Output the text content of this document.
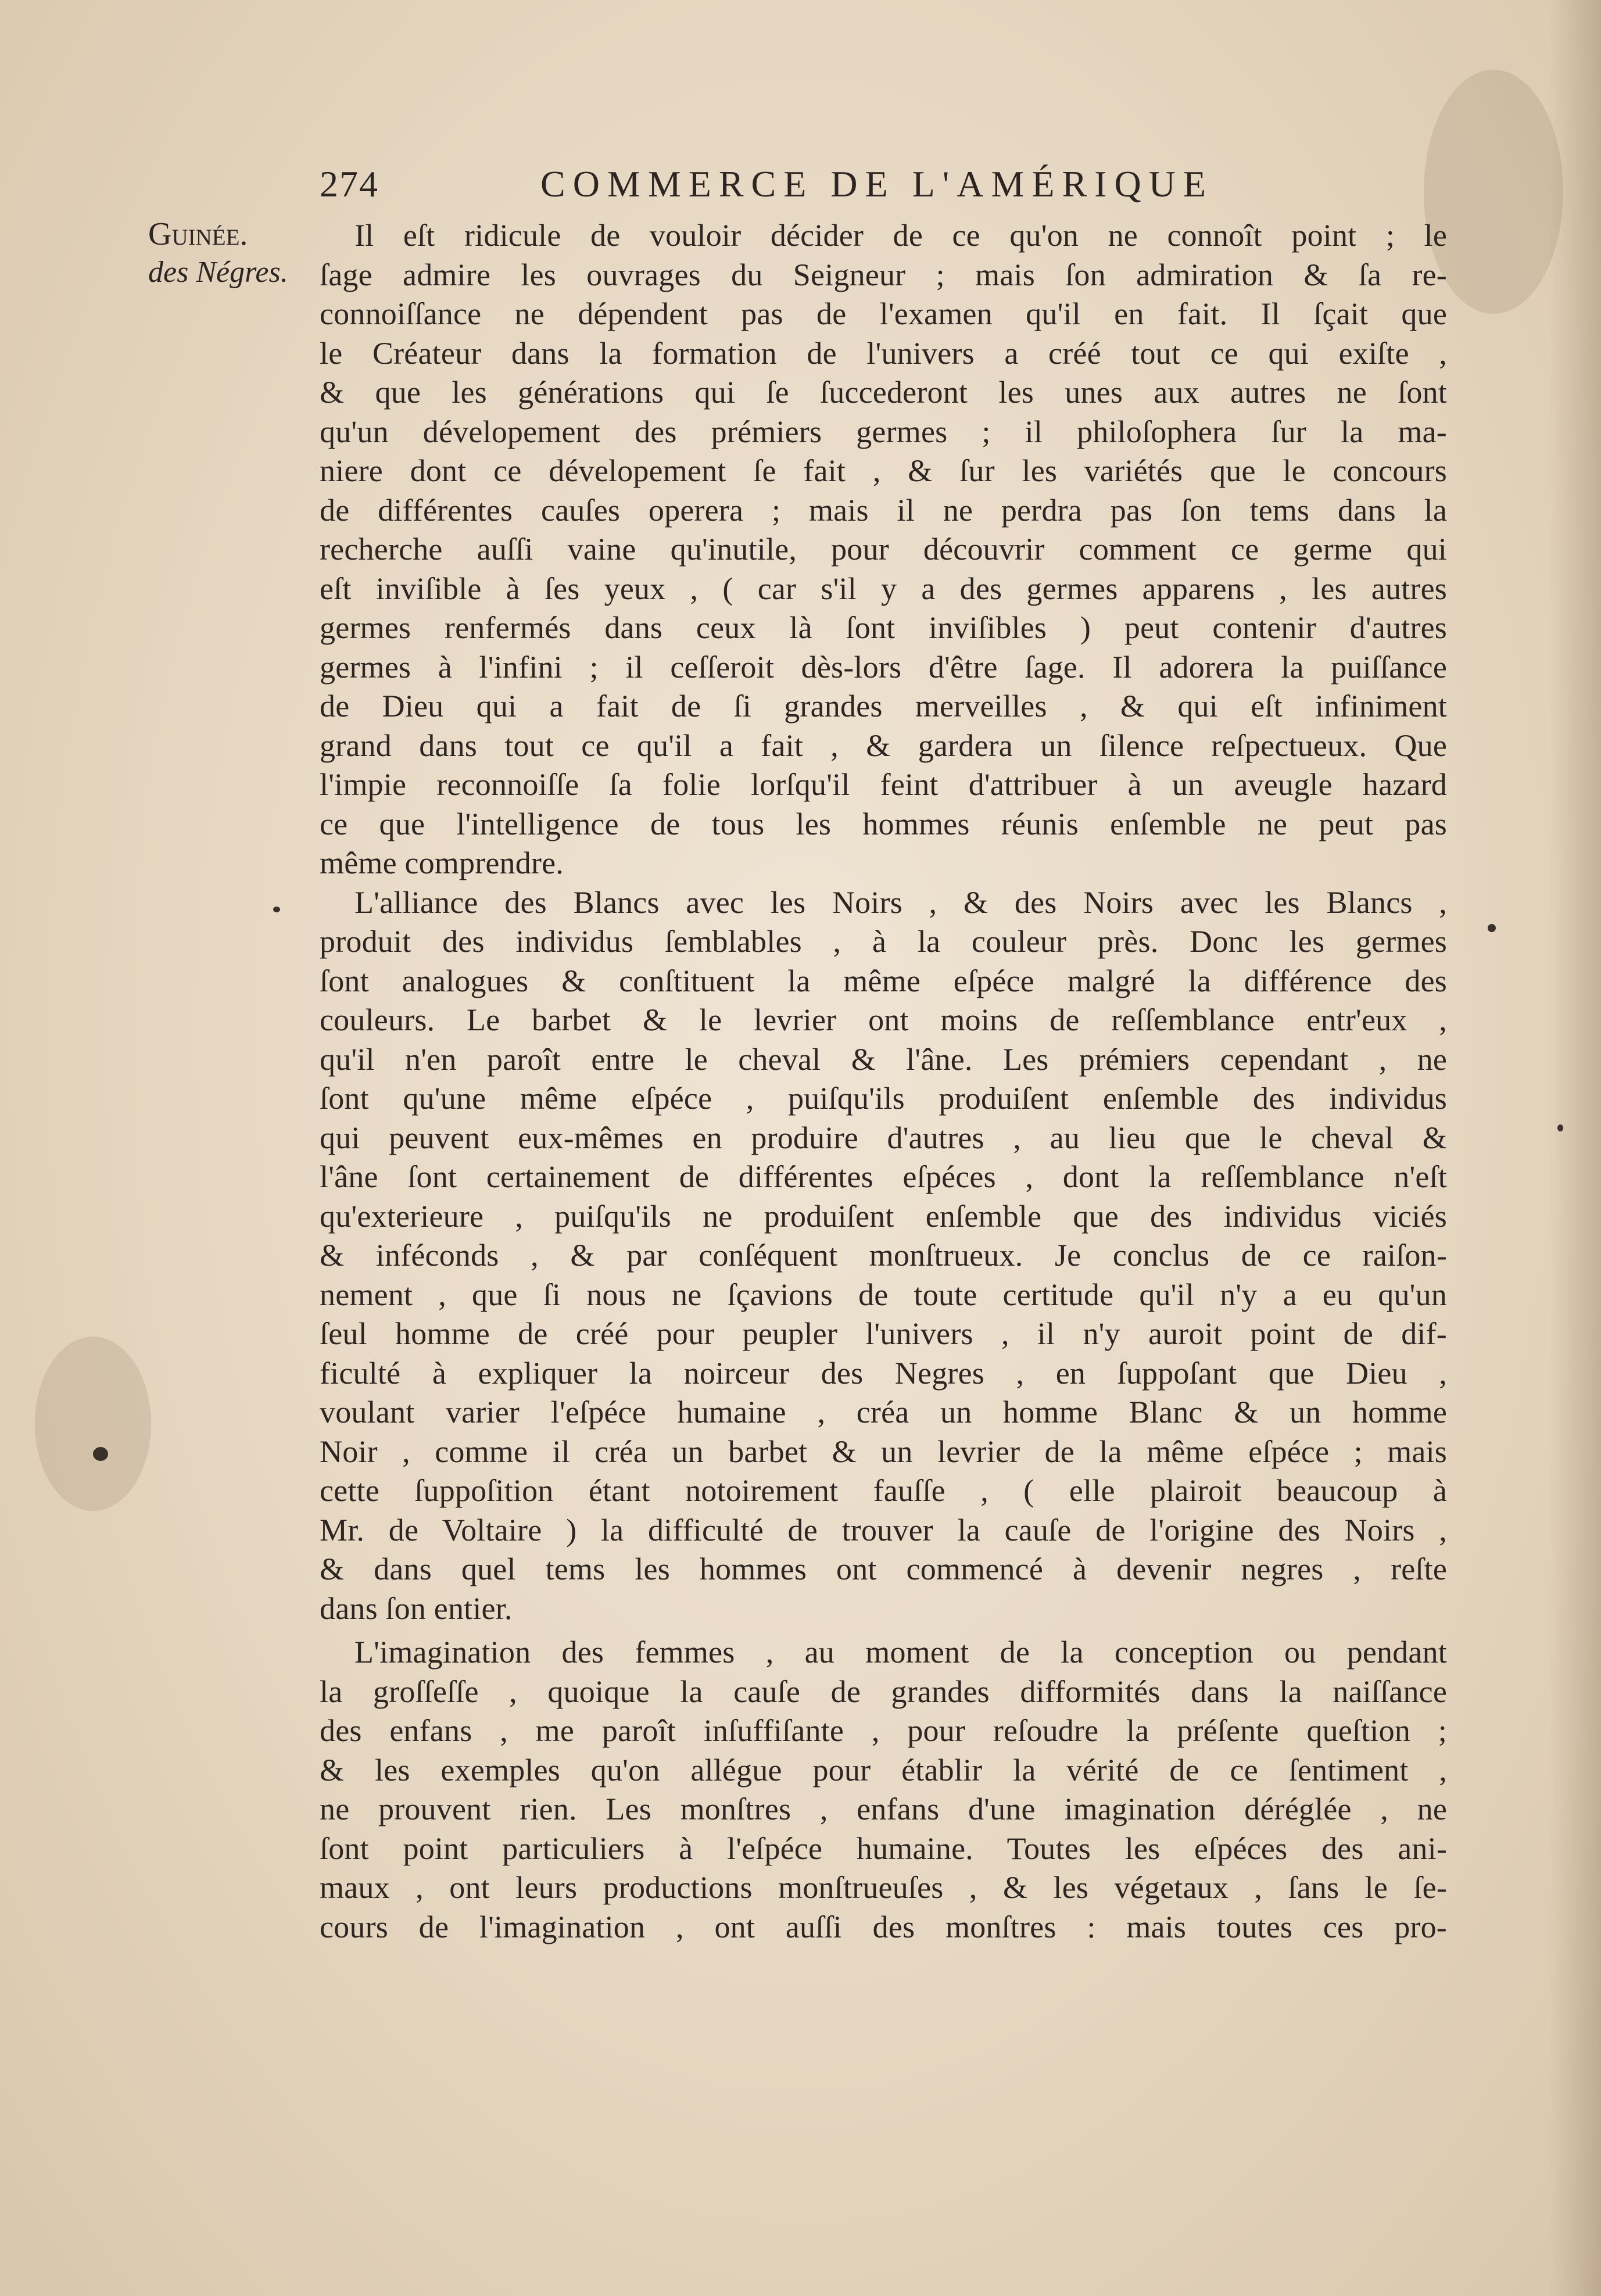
274	COMMERCE DE L'AMÉRIQUE
Guinée.
des Négres.
Il eſt ridicule de vouloir décider de ce qu'on ne connoît point ; le
ſage admire les ouvrages du Seigneur ; mais ſon admiration & ſa re-
connoiſſance ne dépendent pas de l'examen qu'il en fait. Il ſçait que
le Créateur dans la formation de l'univers a créé tout ce qui exiſte ,
& que les générations qui ſe ſuccederont les unes aux autres ne ſont
qu'un dévelopement des prémiers germes ; il philoſophera ſur la ma-
niere dont ce dévelopement ſe fait , & ſur les variétés que le concours
de différentes cauſes operera ; mais il ne perdra pas ſon tems dans la
recherche auſſi vaine qu'inutile, pour découvrir comment ce germe qui
eſt inviſible à ſes yeux , ( car s'il y a des germes apparens , les autres
germes renfermés dans ceux là ſont inviſibles ) peut contenir d'autres
germes à l'infini ; il ceſſeroit dès-lors d'être ſage. Il adorera la puiſſance
de Dieu qui a fait de ſi grandes merveilles , & qui eſt infiniment
grand dans tout ce qu'il a fait , & gardera un ſilence reſpectueux. Que
l'impie reconnoiſſe ſa folie lorſqu'il feint d'attribuer à un aveugle hazard
ce que l'intelligence de tous les hommes réunis enſemble ne peut pas
même comprendre.
L'alliance des Blancs avec les Noirs , & des Noirs avec les Blancs ,
produit des individus ſemblables , à la couleur près. Donc les germes
ſont analogues & conſtituent la même eſpéce malgré la différence des
couleurs. Le barbet & le levrier ont moins de reſſemblance entr'eux ,
qu'il n'en paroît entre le cheval & l'âne. Les prémiers cependant , ne
ſont qu'une même eſpéce , puiſqu'ils produiſent enſemble des individus
qui peuvent eux-mêmes en produire d'autres , au lieu que le cheval &
l'âne ſont certainement de différentes eſpéces , dont la reſſemblance n'eſt
qu'exterieure , puiſqu'ils ne produiſent enſemble que des individus viciés
& inféconds , & par conſéquent monſtrueux. Je conclus de ce raiſon-
nement , que ſi nous ne ſçavions de toute certitude qu'il n'y a eu qu'un
ſeul homme de créé pour peupler l'univers , il n'y auroit point de dif-
ficulté à expliquer la noirceur des Negres , en ſuppoſant que Dieu ,
voulant varier l'eſpéce humaine , créa un homme Blanc & un homme
Noir , comme il créa un barbet & un levrier de la même eſpéce ; mais
cette ſuppoſition étant notoirement fauſſe , ( elle plairoit beaucoup à
Mr. de Voltaire ) la difficulté de trouver la cauſe de l'origine des Noirs ,
& dans quel tems les hommes ont commencé à devenir negres , reſte
dans ſon entier.
L'imagination des femmes , au moment de la conception ou pendant
la groſſeſſe , quoique la cauſe de grandes difformités dans la naiſſance
des enfans , me paroît inſuffiſante , pour reſoudre la préſente queſtion ;
& les exemples qu'on allégue pour établir la vérité de ce ſentiment ,
ne prouvent rien. Les monſtres , enfans d'une imagination déréglée , ne
ſont point particuliers à l'eſpéce humaine. Toutes les eſpéces des ani-
maux , ont leurs productions monſtrueuſes , & les végetaux , ſans le ſe-
cours de l'imagination , ont auſſi des monſtres : mais toutes ces pro-
